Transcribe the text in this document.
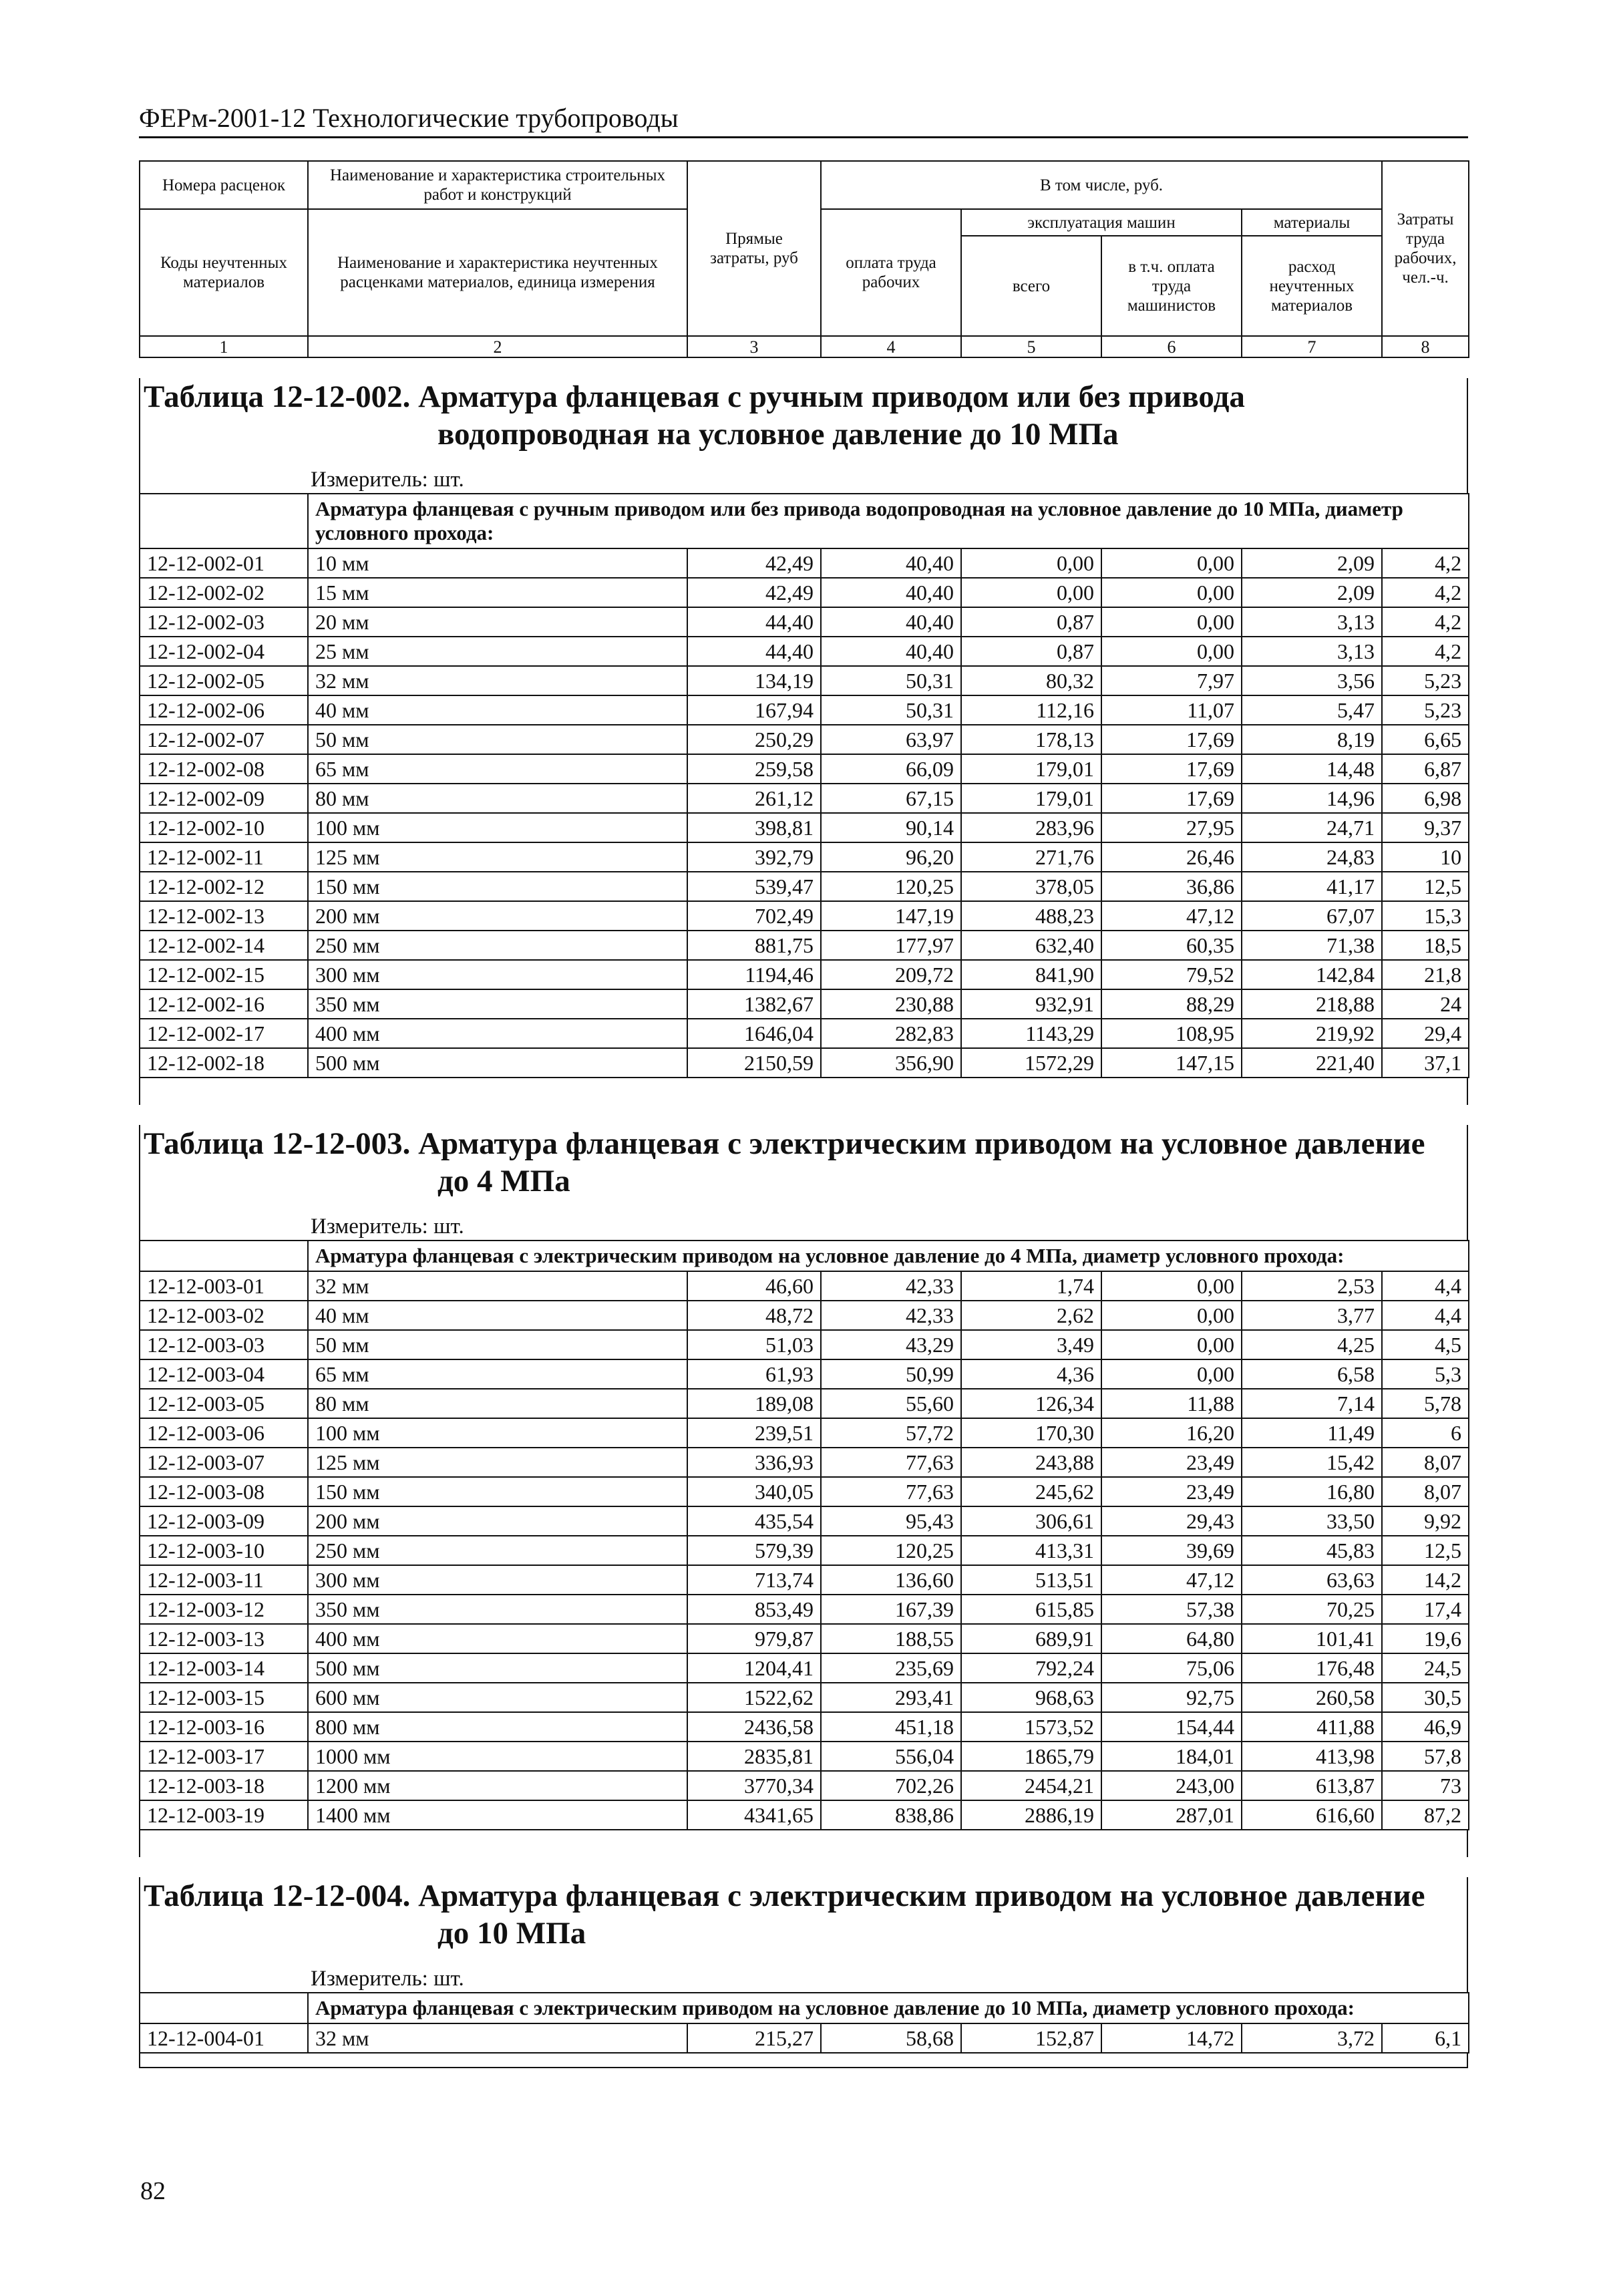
ФЕРм-2001-12 Технологические трубопроводы
Номера расценок	Наименование и характеристика строительных работ и конструкций	Прямые затраты, руб	В том числе, руб.				Затраты труда рабочих, чел.-ч.
Коды неучтенных материалов	Наименование и характеристика неучтенных расценками материалов, единица измерения		оплата труда рабочих	эксплуатация машин		материалы	
				всего	в т.ч. оплата труда машинистов	расход неучтенных материалов	
1	2	3	4	5	6	7	8
Таблица 12-12-002. Арматура фланцевая с ручным приводом или без привода водопроводная на условное давление до 10 МПа
Измеритель: шт.

	Арматура фланцевая с ручным приводом или без привода водопроводная на условное давление до 10 МПа, диаметр условного прохода:						

12-12-002-01	10 мм	42,49	40,40	0,00	0,00	2,09	4,2
12-12-002-02	15 мм	42,49	40,40	0,00	0,00	2,09	4,2
12-12-002-03	20 мм	44,40	40,40	0,87	0,00	3,13	4,2
12-12-002-04	25 мм	44,40	40,40	0,87	0,00	3,13	4,2
12-12-002-05	32 мм	134,19	50,31	80,32	7,97	3,56	5,23
12-12-002-06	40 мм	167,94	50,31	112,16	11,07	5,47	5,23
12-12-002-07	50 мм	250,29	63,97	178,13	17,69	8,19	6,65
12-12-002-08	65 мм	259,58	66,09	179,01	17,69	14,48	6,87
12-12-002-09	80 мм	261,12	67,15	179,01	17,69	14,96	6,98
12-12-002-10	100 мм	398,81	90,14	283,96	27,95	24,71	9,37
12-12-002-11	125 мм	392,79	96,20	271,76	26,46	24,83	10
12-12-002-12	150 мм	539,47	120,25	378,05	36,86	41,17	12,5
12-12-002-13	200 мм	702,49	147,19	488,23	47,12	67,07	15,3
12-12-002-14	250 мм	881,75	177,97	632,40	60,35	71,38	18,5
12-12-002-15	300 мм	1194,46	209,72	841,90	79,52	142,84	21,8
12-12-002-16	350 мм	1382,67	230,88	932,91	88,29	218,88	24
12-12-002-17	400 мм	1646,04	282,83	1143,29	108,95	219,92	29,4
12-12-002-18	500 мм	2150,59	356,90	1572,29	147,15	221,40	37,1
Таблица 12-12-003. Арматура фланцевая с электрическим приводом на условное давление до 4 МПа
Измеритель: шт.

	Арматура фланцевая с электрическим приводом на условное давление до 4 МПа, диаметр условного прохода:						

12-12-003-01	32 мм	46,60	42,33	1,74	0,00	2,53	4,4
12-12-003-02	40 мм	48,72	42,33	2,62	0,00	3,77	4,4
12-12-003-03	50 мм	51,03	43,29	3,49	0,00	4,25	4,5
12-12-003-04	65 мм	61,93	50,99	4,36	0,00	6,58	5,3
12-12-003-05	80 мм	189,08	55,60	126,34	11,88	7,14	5,78
12-12-003-06	100 мм	239,51	57,72	170,30	16,20	11,49	6
12-12-003-07	125 мм	336,93	77,63	243,88	23,49	15,42	8,07
12-12-003-08	150 мм	340,05	77,63	245,62	23,49	16,80	8,07
12-12-003-09	200 мм	435,54	95,43	306,61	29,43	33,50	9,92
12-12-003-10	250 мм	579,39	120,25	413,31	39,69	45,83	12,5
12-12-003-11	300 мм	713,74	136,60	513,51	47,12	63,63	14,2
12-12-003-12	350 мм	853,49	167,39	615,85	57,38	70,25	17,4
12-12-003-13	400 мм	979,87	188,55	689,91	64,80	101,41	19,6
12-12-003-14	500 мм	1204,41	235,69	792,24	75,06	176,48	24,5
12-12-003-15	600 мм	1522,62	293,41	968,63	92,75	260,58	30,5
12-12-003-16	800 мм	2436,58	451,18	1573,52	154,44	411,88	46,9
12-12-003-17	1000 мм	2835,81	556,04	1865,79	184,01	413,98	57,8
12-12-003-18	1200 мм	3770,34	702,26	2454,21	243,00	613,87	73
12-12-003-19	1400 мм	4341,65	838,86	2886,19	287,01	616,60	87,2
Таблица 12-12-004. Арматура фланцевая с электрическим приводом на условное давление до 10 МПа
Измеритель: шт.

	Арматура фланцевая с электрическим приводом на условное давление до 10 МПа, диаметр условного прохода:						

12-12-004-01	32 мм	215,27	58,68	152,87	14,72	3,72	6,1
82
